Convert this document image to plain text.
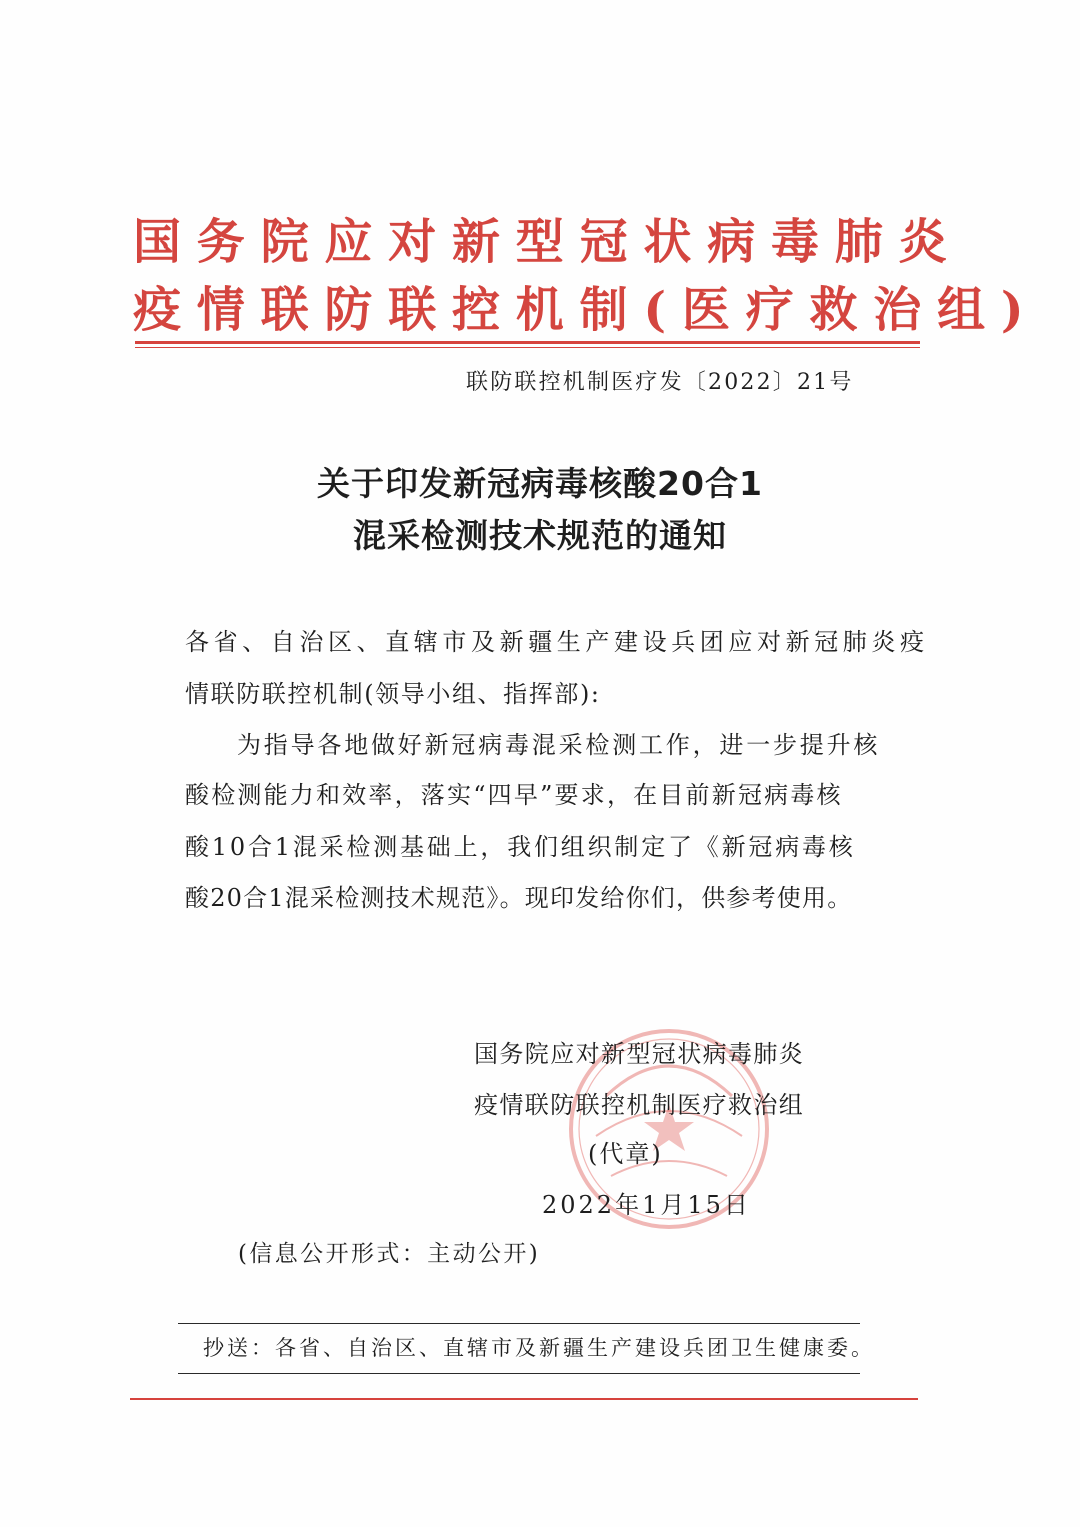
国务院应对新型冠状病毒肺炎
疫情联防联控机制(医疗救治组)
联防联控机制医疗发〔2022〕21号
关于印发新冠病毒核酸20合1
混采检测技术规范的通知
各省、自治区、直辖市及新疆生产建设兵团应对新冠肺炎疫
情联防联控机制(领导小组、指挥部):
为指导各地做好新冠病毒混采检测工作，进一步提升核
酸检测能力和效率，落实“四早”要求，在目前新冠病毒核
酸10合1混采检测基础上，我们组织制定了《新冠病毒核
酸20合1混采检测技术规范》。现印发给你们，供参考使用。
国务院应对新型冠状病毒肺炎
疫情联防联控机制医疗救治组
(代章)
2022年1月15日
(信息公开形式：主动公开)
抄送：各省、自治区、直辖市及新疆生产建设兵团卫生健康委。
